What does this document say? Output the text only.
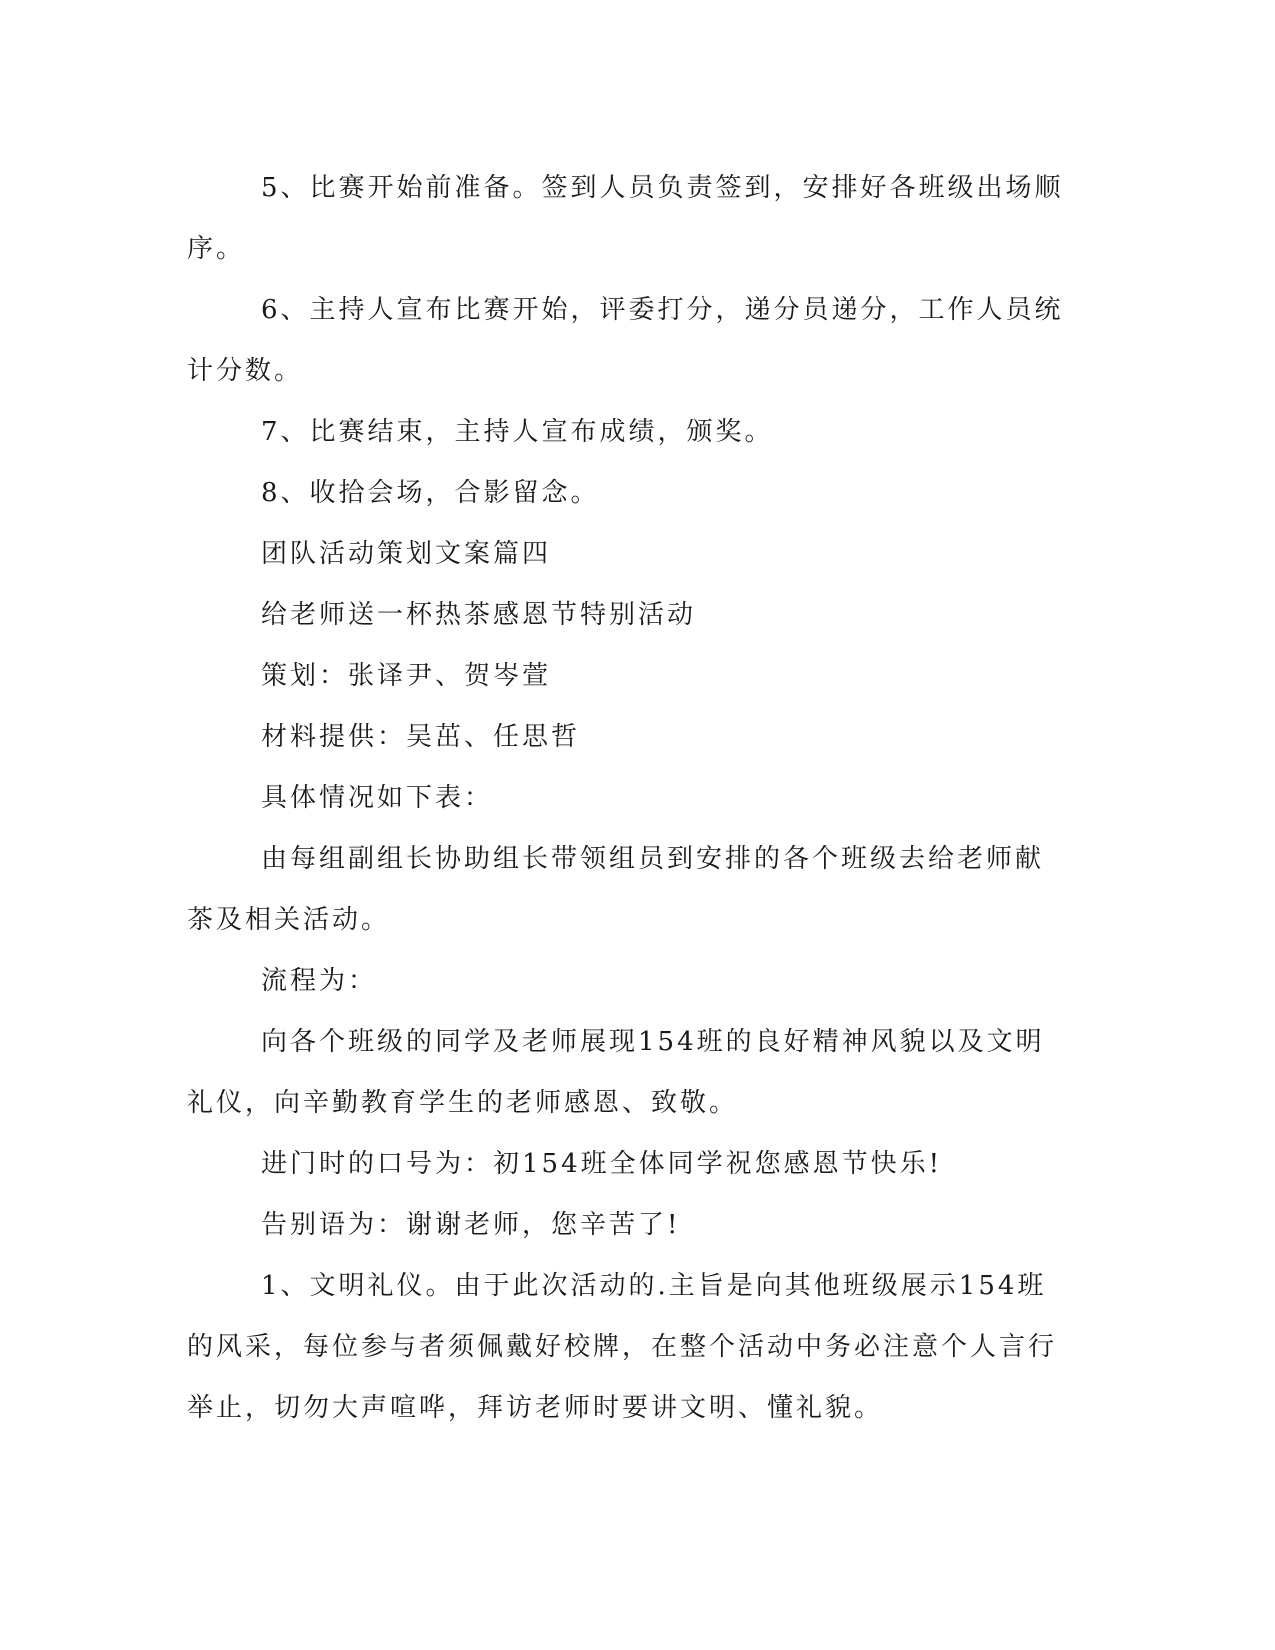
5、比赛开始前准备。签到人员负责签到，安排好各班级出场顺序。

6、主持人宣布比赛开始，评委打分，递分员递分，工作人员统计分数。

7、比赛结束，主持人宣布成绩，颁奖。

8、收拾会场，合影留念。

团队活动策划文案篇四

给老师送一杯热茶感恩节特别活动

策划：张译尹、贺岑萱

材料提供：吴茁、任思哲

具体情况如下表：

由每组副组长协助组长带领组员到安排的各个班级去给老师献茶及相关活动。

流程为：

向各个班级的同学及老师展现154班的良好精神风貌以及文明礼仪，向辛勤教育学生的老师感恩、致敬。

进门时的口号为：初154班全体同学祝您感恩节快乐!

告别语为：谢谢老师，您辛苦了!

1、文明礼仪。由于此次活动的.主旨是向其他班级展示154班的风采，每位参与者须佩戴好校牌，在整个活动中务必注意个人言行举止，切勿大声喧哗，拜访老师时要讲文明、懂礼貌。
